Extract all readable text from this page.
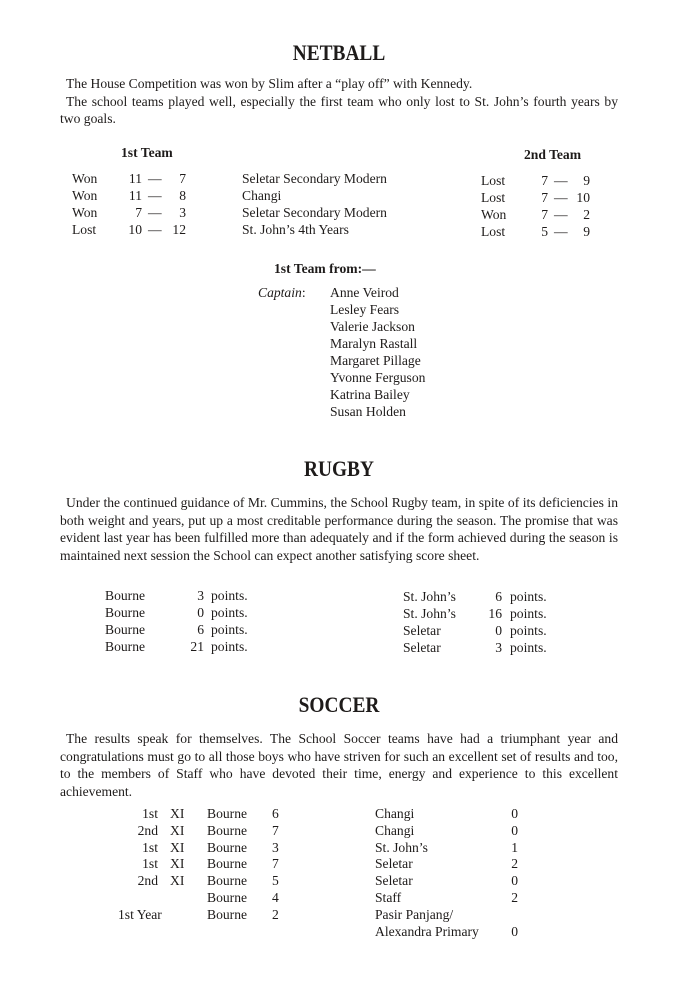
NETBALL

The House Competition was won by Slim after a “play off” with Kennedy.

The school teams played well, especially the first team who only lost to St. John’s fourth years by two goals.

1st Team	2nd Team
Won	11 —	7	Seletar Secondary Modern	Lost	7 —	9
Won	11 —	8	Changi	Lost	7 — 10
Won	7 —	3	Seletar Secondary Modern	Won	7 —	2
Lost	10 — 12	St. John’s 4th Years	Lost	5 —	9
1st Team from:—
Captain: Anne Veirod
Lesley Fears
Valerie Jackson
Maralyn Rastall
Margaret Pillage
Yvonne Ferguson
Katrina Bailey
Susan Holden
RUGBY

Under the continued guidance of Mr. Cummins, the School Rugby team, in spite of its deficiencies in both weight and years, put up a most creditable performance during the season. The promise that was evident last year has been fulfilled more than adequately and if the form achieved during the season is maintained next session the School can expect another satisfying score sheet.

Bourne	3 points.	St. John’s	6 points.
Bourne	0 points.	St. John’s	16 points.
Bourne	6 points.	Seletar	0 points.
Bourne	21 points.	Seletar	3 points.
SOCCER

The results speak for themselves. The School Soccer teams have had a triumphant year and congratulations must go to all those boys who have striven for such an excellent set of results and too, to the members of Staff who have devoted their time, energy and experience to this excellent achievement.

1st XI Bourne 6	Changi	0
2nd XI Bourne 7	Changi	0
1st XI Bourne 3	St. John’s	1
1st XI Bourne 7	Seletar	2
2nd XI Bourne 5	Seletar	0
Bourne 4	Staff	2
1st Year	Bourne 2	Pasir Panjang/
Alexandra Primary	0
